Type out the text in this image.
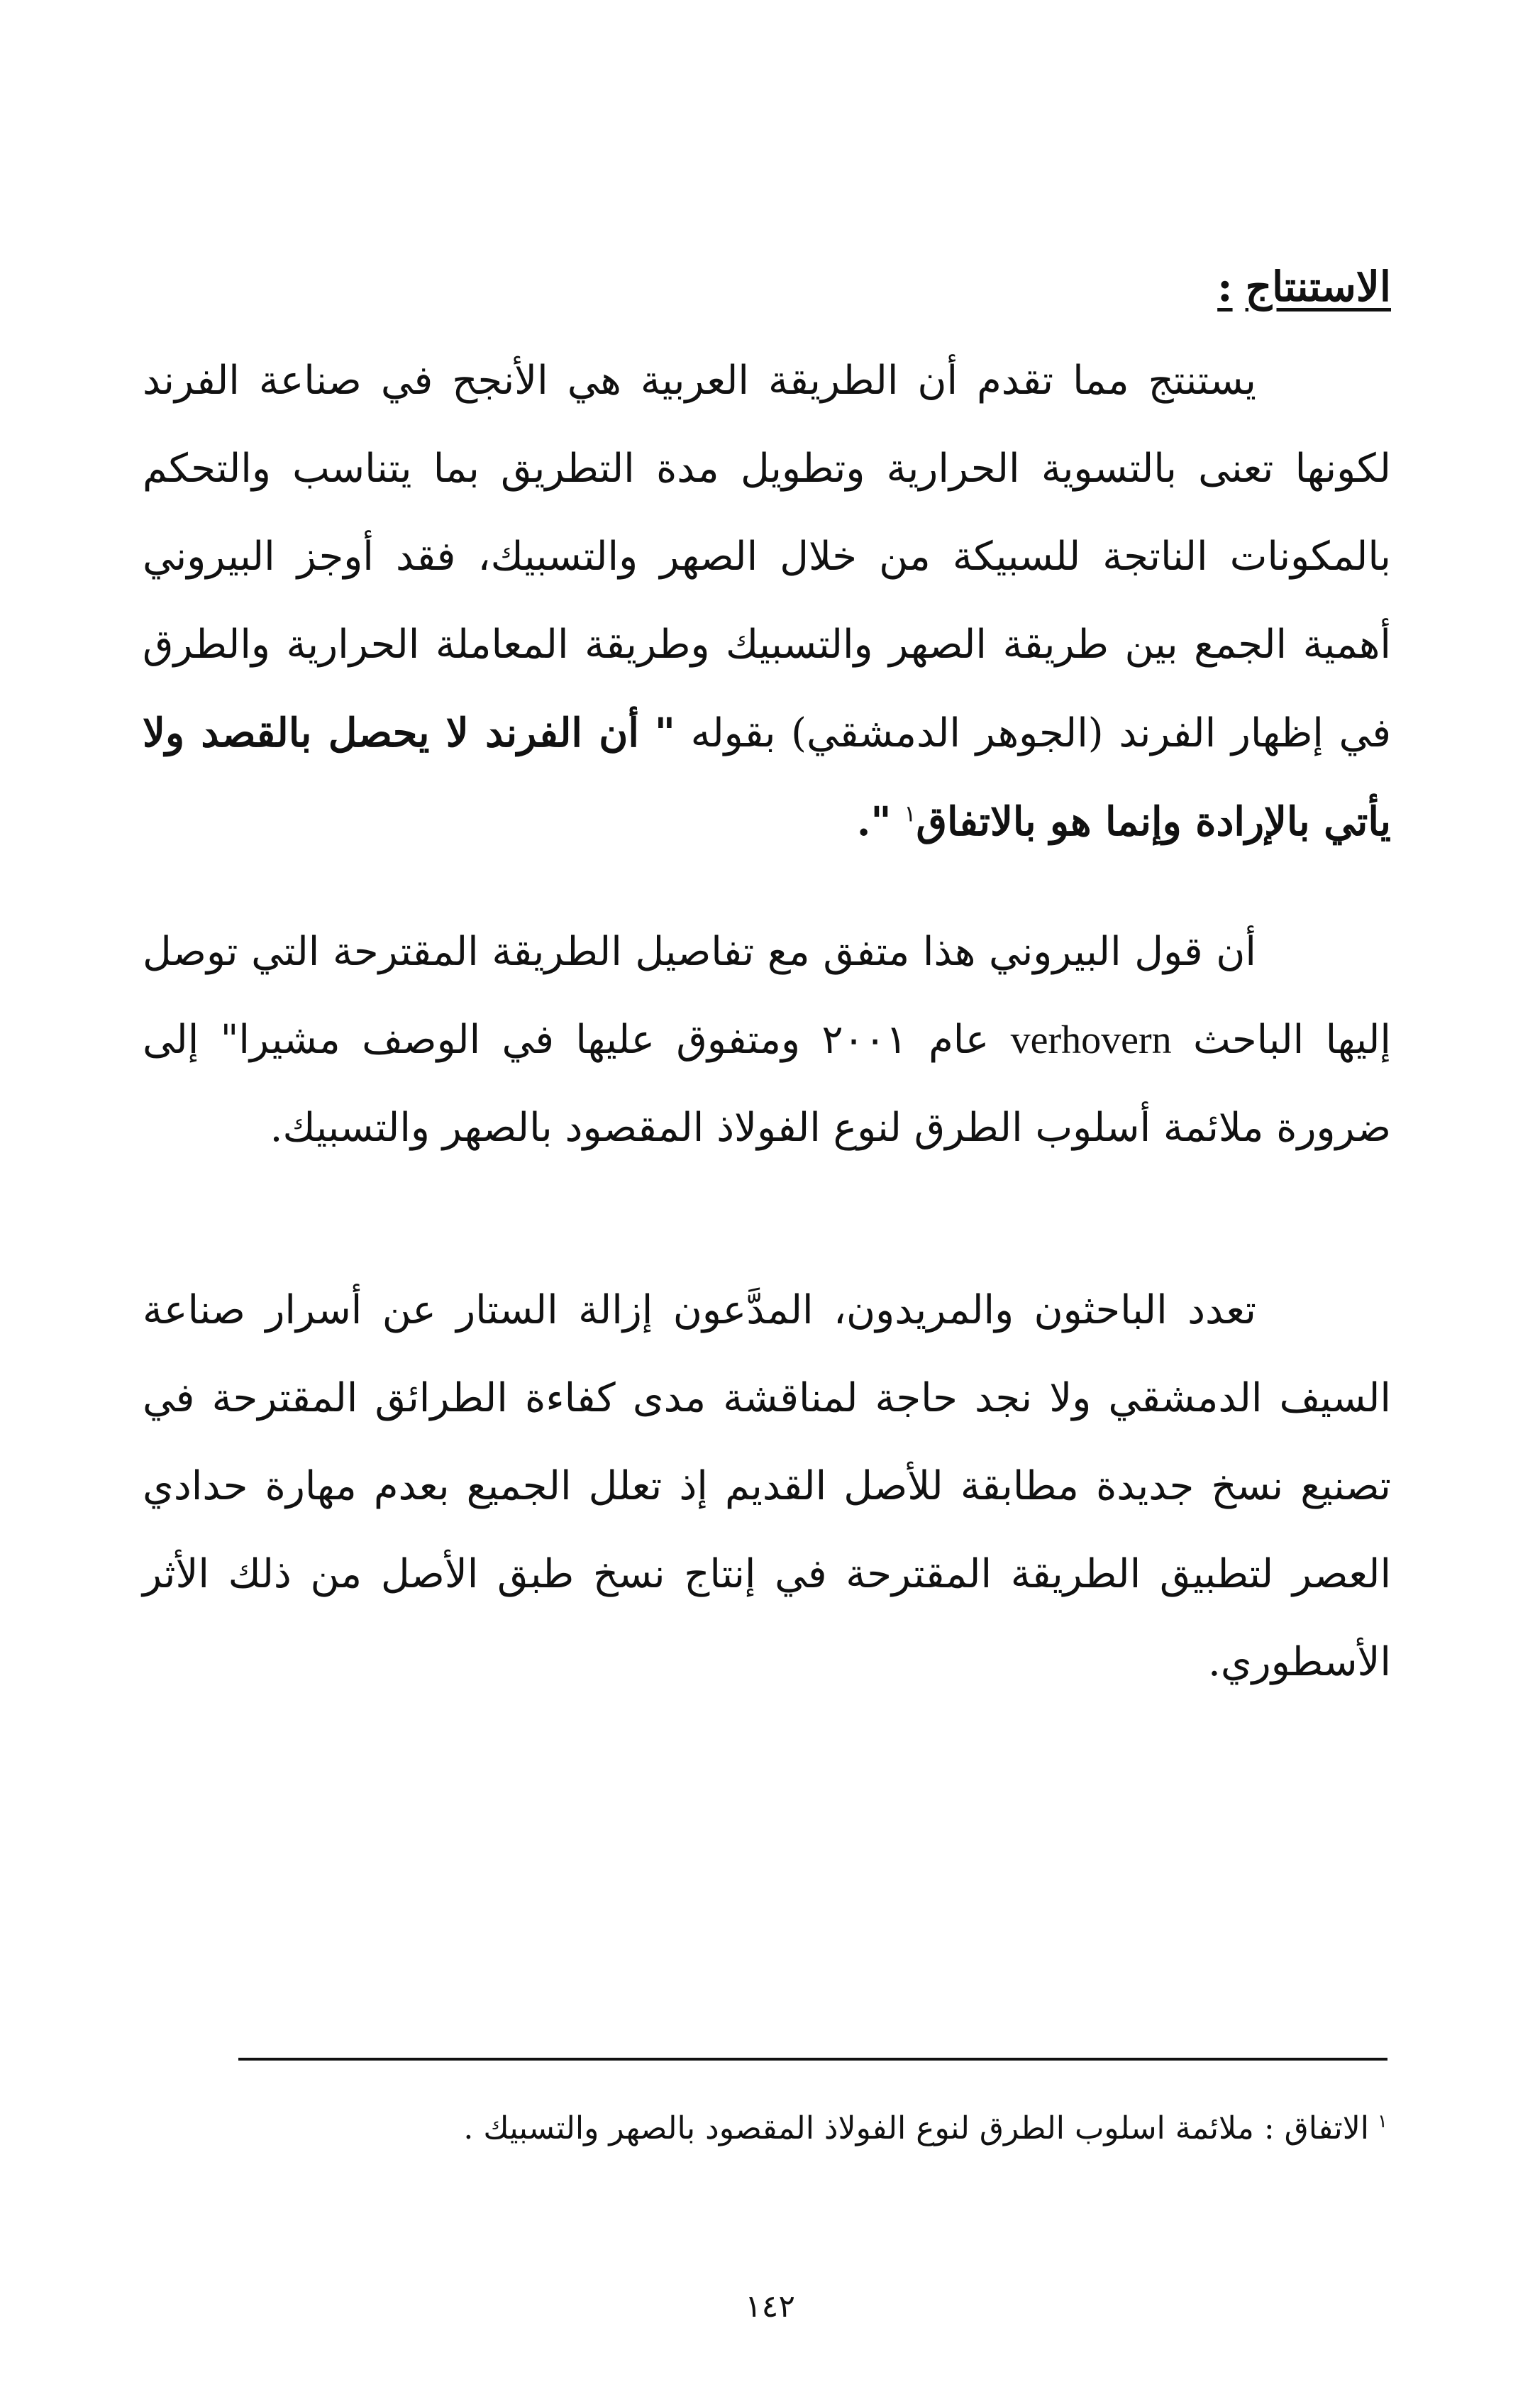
الاستنتاج:

يستنتج مما تقدم أن الطريقة العربية هي الأنجح في صناعة الفرند لكونها تعنى بالتسوية الحرارية وتطويل مدة التطريق بما يتناسب والتحكم بالمكونات الناتجة للسبيكة من خلال الصهر والتسبيك، فقد أوجز البيروني أهمية الجمع بين طريقة الصهر والتسبيك وطريقة المعاملة الحرارية والطرق في إظهار الفرند (الجوهر الدمشقي) بقوله " أن الفرند لا يحصل بالقصد ولا يأتي بالإرادة وإنما هو بالاتفاق$^١$ ".

أن قول البيروني هذا متفق مع تفاصيل الطريقة المقترحة التي توصل إليها الباحث verhovern عام ٢٠٠١ ومتفوق عليها في الوصف مشيرا" إلى ضرورة ملائمة أسلوب الطرق لنوع الفولاذ المقصود بالصهر والتسبيك.

تعدد الباحثون والمريدون، المدَّعون إزالة الستار عن أسرار صناعة السيف الدمشقي ولا نجد حاجة لمناقشة مدى كفاءة الطرائق المقترحة في تصنيع نسخ جديدة مطابقة للأصل القديم إذ تعلل الجميع بعدم مهارة حدادي العصر لتطبيق الطريقة المقترحة في إنتاج نسخ طبق الأصل من ذلك الأثر الأسطوري.

$^١$الاتفاق : ملائمة اسلوب الطرق لنوع الفولاذ المقصود بالصهر والتسبيك .

١٤٢
